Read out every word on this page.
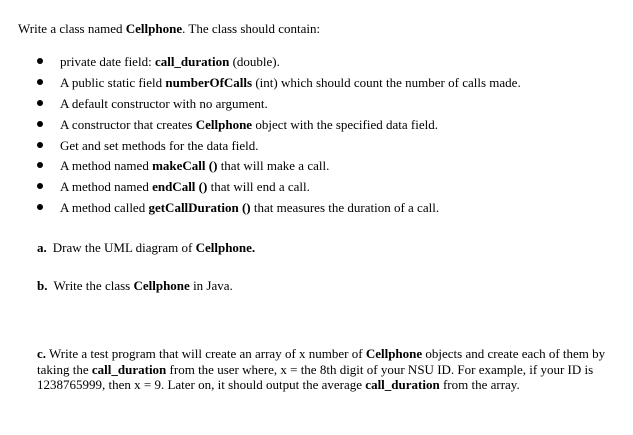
Write a class named Cellphone. The class should contain:
private date field: call_duration (double).
A public static field numberOfCalls (int) which should count the number of calls made.
A default constructor with no argument.
A constructor that creates Cellphone object with the specified data field.
Get and set methods for the data field.
A method named makeCall () that will make a call.
A method named endCall () that will end a call.
A method called getCallDuration () that measures the duration of a call.
a. Draw the UML diagram of Cellphone.
b. Write the class Cellphone in Java.
c. Write a test program that will create an array of x number of Cellphone objects and create each of them by taking the call_duration from the user where, x = the 8th digit of your NSU ID. For example, if your ID is 1238765999, then x = 9. Later on, it should output the average call_duration from the array.
